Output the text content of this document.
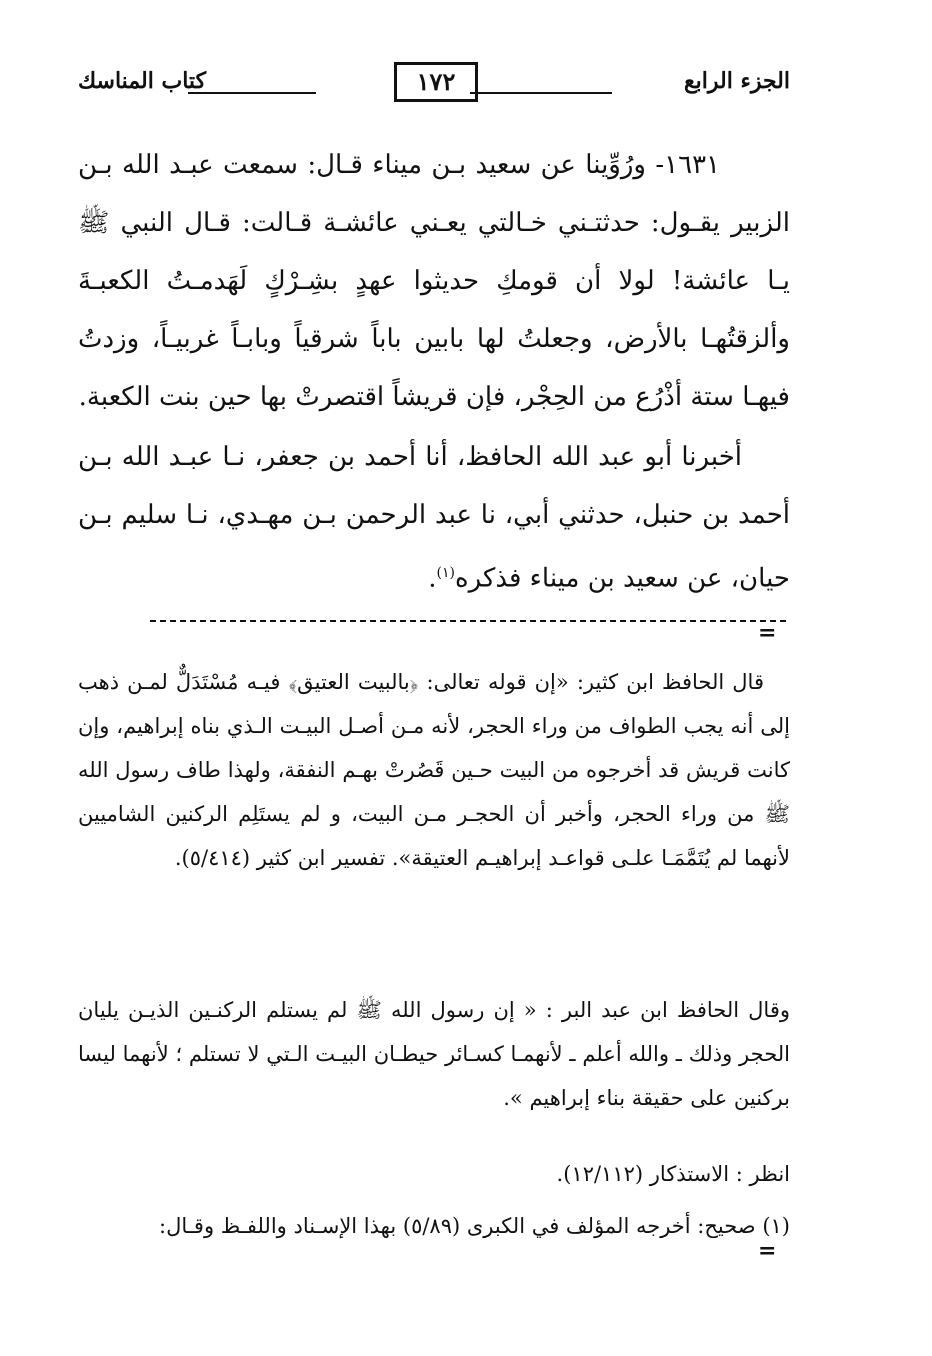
الجزء الرابع
١٧٢
كتاب المناسك
١٦٣١- ورُوِّينا عن سعيد بـن ميناء قـال: سمعت عبـد الله بـن الزبير يقـول: حدثتـني خـالتي يعـني عائشـة قـالت: قـال النبي ﷺ يـا عائشة! لولا أن قومكِ حديثوا عهدٍ بشِـرْكٍ لَهَدمـتُ الكعبـةَ وألزقتُهـا بالأرض، وجعلتُ لها بابين باباً شرقياً وبابـاً غربيـاً، وزدتُ فيهـا ستة أذْرُع من الحِجْر، فإن قريشاً اقتصرتْ بها حين بنت الكعبة.
أخبرنا أبو عبد الله الحافظ، أنا أحمد بن جعفر، نـا عبـد الله بـن أحمد بن حنبل، حدثني أبي، نا عبد الرحمن بـن مهـدي، نـا سليم بـن حيان، عن سعيد بن ميناء فذكره$^{(١)}$.
=
قال الحافظ ابن كثير: «إن قوله تعالى: ﴿بالبيت العتيق﴾ فيـه مُسْتَدَلٌّ لمـن ذهب إلى أنه يجب الطواف من وراء الحجر، لأنه مـن أصـل البيـت الـذي بناه إبراهيم، وإن كانت قريش قد أخرجوه من البيت حـين قَصُرتْ بهـم النفقة، ولهذا طاف رسول الله ﷺ من وراء الحجر، وأخبر أن الحجـر مـن البيت، و لم يستَلِم الركنين الشاميين لأنهما لم يُتَمَّمَـا علـى قواعـد إبراهيـم العتيقة». تفسير ابن كثير (٥/٤١٤).
وقال الحافظ ابن عبد البر : « إن رسول الله ﷺ لم يستلم الركنـين الذيـن يليان الحجر وذلك ـ والله أعلم ـ لأنهمـا كسـائر حيطـان البيـت الـتي لا تستلم ؛ لأنهما ليسا بركنين على حقيقة بناء إبراهيم ».
انظر : الاستذكار (١٢/١١٢).
(١) صحيح: أخرجه المؤلف في الكبرى (٥/٨٩) بهذا الإسـناد واللفـظ وقـال:
=
